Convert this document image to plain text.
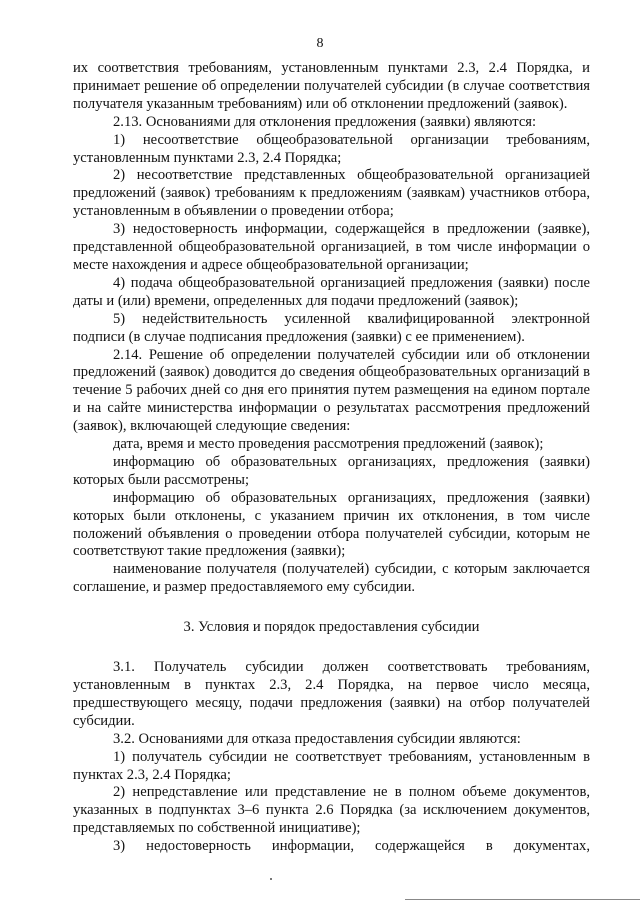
8

их соответствия требованиям, установленным пунктами 2.3, 2.4 Порядка, и принимает решение об определении получателей субсидии (в случае соответствия получателя указанным требованиям) или об отклонении предложений (заявок).

2.13. Основаниями для отклонения предложения (заявки) являются:

1) несоответствие общеобразовательной организации требованиям, установленным пунктами 2.3, 2.4 Порядка;

2) несоответствие представленных общеобразовательной организацией предложений (заявок) требованиям к предложениям (заявкам) участников отбора, установленным в объявлении о проведении отбора;

3) недостоверность информации, содержащейся в предложении (заявке), представленной общеобразовательной организацией, в том числе информации о месте нахождения и адресе общеобразовательной организации;

4) подача общеобразовательной организацией предложения (заявки) после даты и (или) времени, определенных для подачи предложений (заявок);

5) недействительность усиленной квалифицированной электронной подписи (в случае подписания предложения (заявки) с ее применением).

2.14. Решение об определении получателей субсидии или об отклонении предложений (заявок) доводится до сведения общеобразовательных организаций в течение 5 рабочих дней со дня его принятия путем размещения на едином портале и на сайте министерства информации о результатах рассмотрения предложений (заявок), включающей следующие сведения:

дата, время и место проведения рассмотрения предложений (заявок);

информацию об образовательных организациях, предложения (заявки) которых были рассмотрены;

информацию об образовательных организациях, предложения (заявки) которых были отклонены, с указанием причин их отклонения, в том числе положений объявления о проведении отбора получателей субсидии, которым не соответствуют такие предложения (заявки);

наименование получателя (получателей) субсидии, с которым заключается соглашение, и размер предоставляемого ему субсидии.

3. Условия и порядок предоставления субсидии

3.1. Получатель субсидии должен соответствовать требованиям, установленным в пунктах 2.3, 2.4 Порядка, на первое число месяца, предшествующего месяцу, подачи предложения (заявки) на отбор получателей субсидии.

3.2. Основаниями для отказа предоставления субсидии являются:

1) получатель субсидии не соответствует требованиям, установленным в пунктах 2.3, 2.4 Порядка;

2) непредставление или представление не в полном объеме документов, указанных в подпунктах 3–6 пункта 2.6 Порядка (за исключением документов, представляемых по собственной инициативе);

3) недостоверность информации, содержащейся в документах,
